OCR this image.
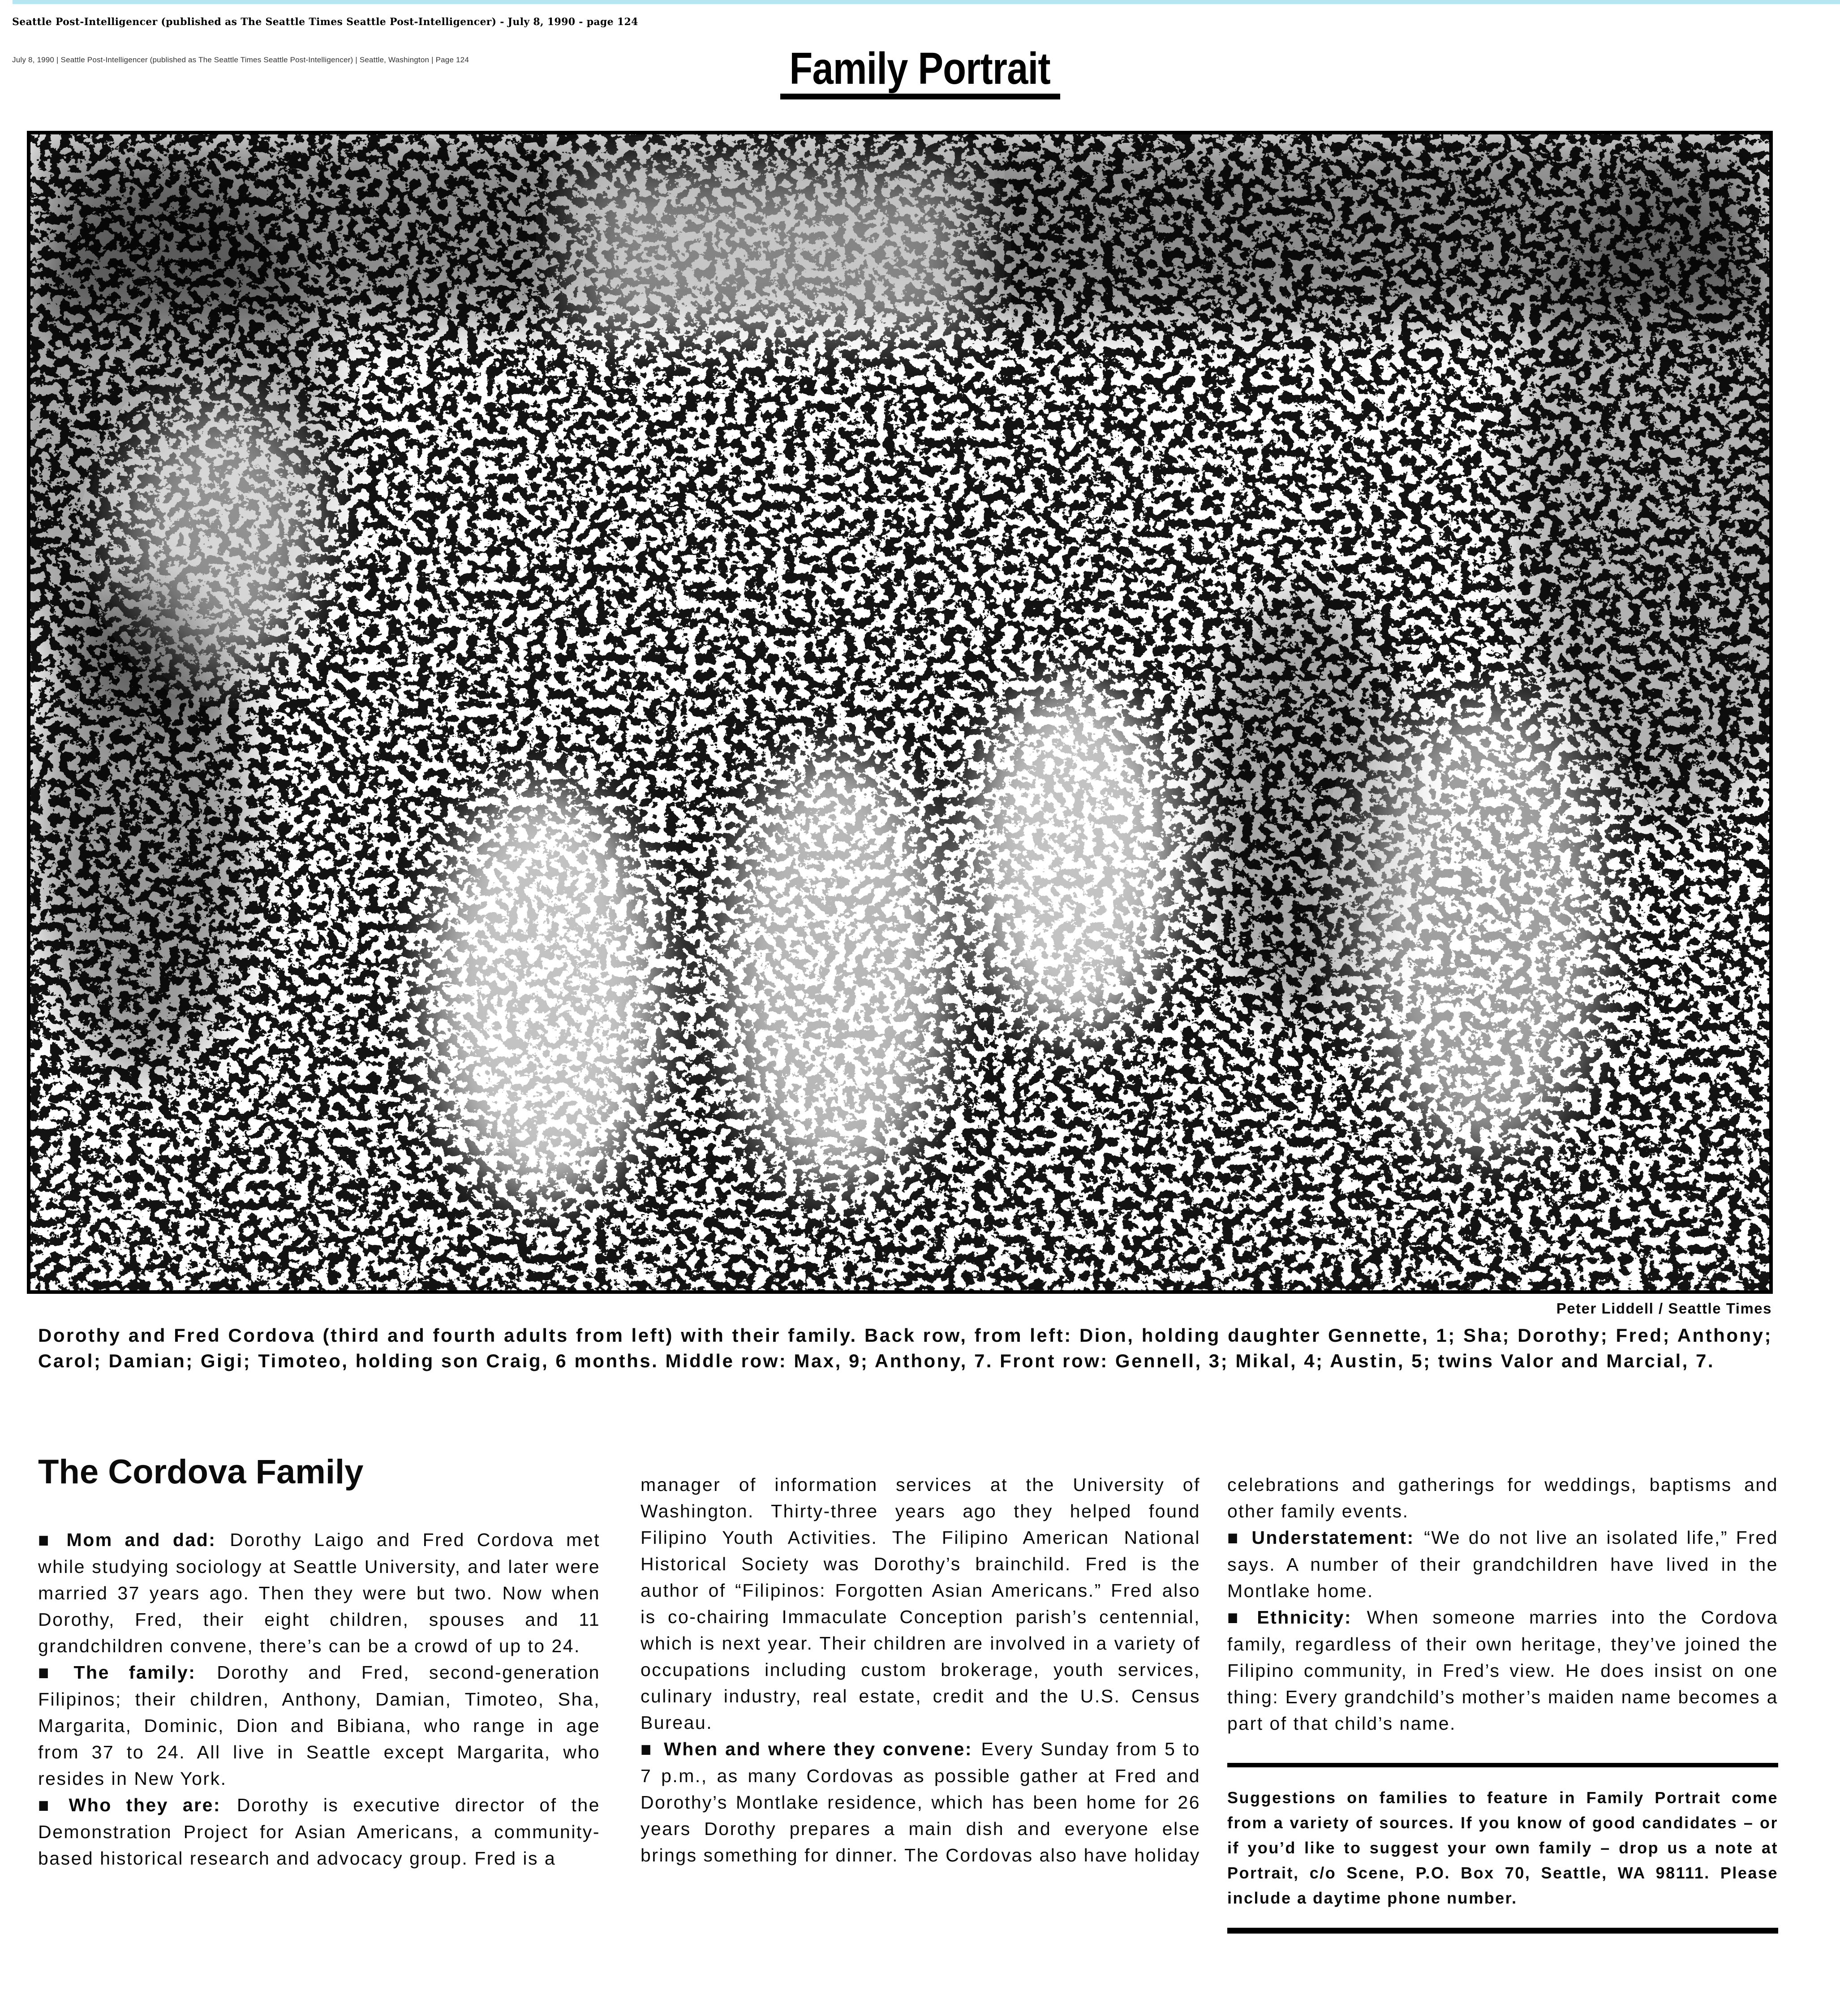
Seattle Post-Intelligencer (published as The Seattle Times Seattle Post-Intelligencer) - July 8, 1990 - page 124
July 8, 1990 | Seattle Post-Intelligencer (published as The Seattle Times Seattle Post-Intelligencer) | Seattle, Washington | Page 124	Family Portrait
Peter Liddell / Seattle Times
Dorothy and Fred Cordova (third and fourth adults from left) with their family. Back row, from left: Dion, holding daughter Gennette, 1; Sha; Dorothy; Fred; Anthony; Carol; Damian; Gigi; Timoteo, holding son Craig, 6 months. Middle row: Max, 9; Anthony, 7. Front row: Gennell, 3; Mikal, 4; Austin, 5; twins Valor and Marcial, 7.
The Cordova Family

■ Mom and dad: Dorothy Laigo and Fred Cordova met while studying sociology at Seattle University, and later were married 37 years ago. Then they were but two. Now when Dorothy, Fred, their eight children, spouses and 11 grandchildren convene, there’s can be a crowd of up to 24.

■ The family: Dorothy and Fred, second-generation Filipinos; their children, Anthony, Damian, Timoteo, Sha, Margarita, Dominic, Dion and Bibiana, who range in age from 37 to 24. All live in Seattle except Margarita, who resides in New York.

■ Who they are: Dorothy is executive director of the Demonstration Project for Asian Americans, a community-based historical research and advocacy group. Fred is a

manager of information services at the University of Washington. Thirty-three years ago they helped found Filipino Youth Activities. The Filipino American National Historical Society was Dorothy’s brainchild. Fred is the author of “Filipinos: Forgotten Asian Americans.” Fred also is co-chairing Immaculate Conception parish’s centennial, which is next year. Their children are involved in a variety of occupations including custom brokerage, youth services, culinary industry, real estate, credit and the U.S. Census Bureau.

■ When and where they convene: Every Sunday from 5 to 7 p.m., as many Cordovas as possible gather at Fred and Dorothy’s Montlake residence, which has been home for 26 years Dorothy prepares a main dish and everyone else brings something for dinner. The Cordovas also have holiday

celebrations and gatherings for weddings, baptisms and other family events.

■ Understatement: “We do not live an isolated life,” Fred says. A number of their grandchildren have lived in the Montlake home.

■ Ethnicity: When someone marries into the Cordova family, regardless of their own heritage, they’ve joined the Filipino community, in Fred’s view. He does insist on one thing: Every grandchild’s mother’s maiden name becomes a part of that child’s name.

Suggestions on families to feature in Family Portrait come from a variety of sources. If you know of good candidates – or if you’d like to suggest your own family – drop us a note at Portrait, c/o Scene, P.O. Box 70, Seattle, WA 98111. Please include a daytime phone number.
